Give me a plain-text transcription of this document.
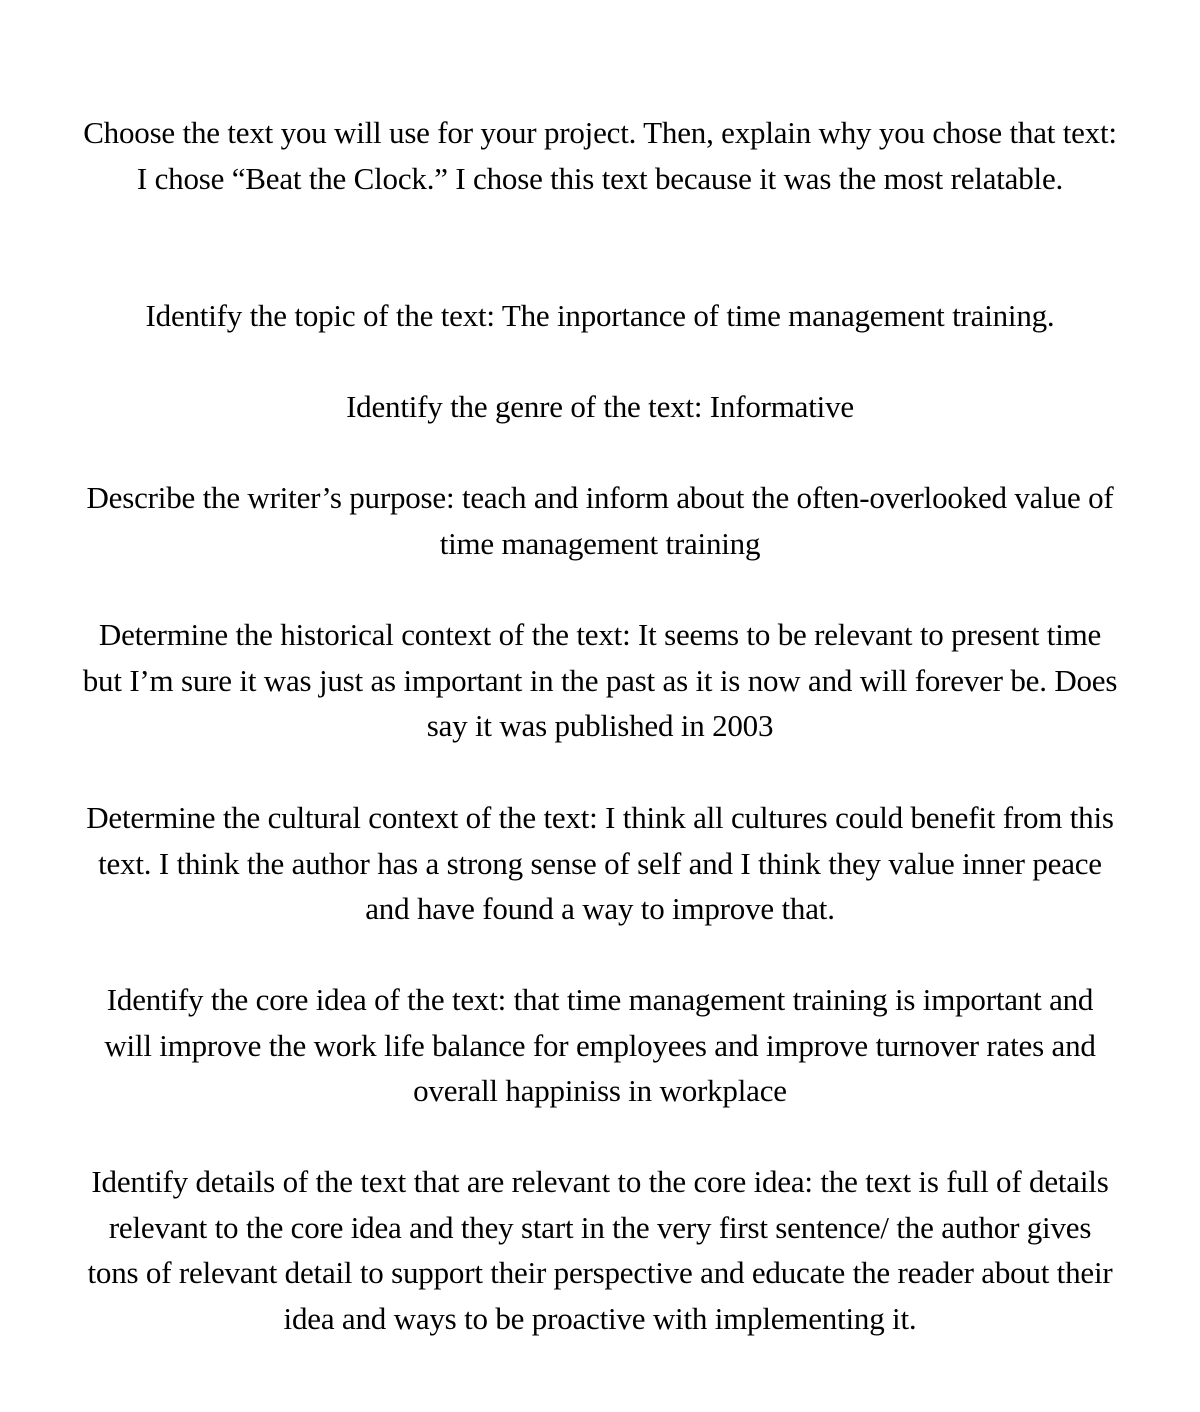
Choose the text you will use for your project. Then, explain why you chose that text:
I chose “Beat the Clock.” I chose this text because it was the most relatable.

Identify the topic of the text: The inportance of time management training.

Identify the genre of the text: Informative

Describe the writer’s purpose: teach and inform about the often-overlooked value of
time management training

Determine the historical context of the text: It seems to be relevant to present time
but I’m sure it was just as important in the past as it is now and will forever be. Does
say it was published in 2003

Determine the cultural context of the text: I think all cultures could benefit from this
text. I think the author has a strong sense of self and I think they value inner peace
and have found a way to improve that.

Identify the core idea of the text: that time management training is important and
will improve the work life balance for employees and improve turnover rates and
overall happiniss in workplace

Identify details of the text that are relevant to the core idea: the text is full of details
relevant to the core idea and they start in the very first sentence/ the author gives
tons of relevant detail to support their perspective and educate the reader about their
idea and ways to be proactive with implementing it.
